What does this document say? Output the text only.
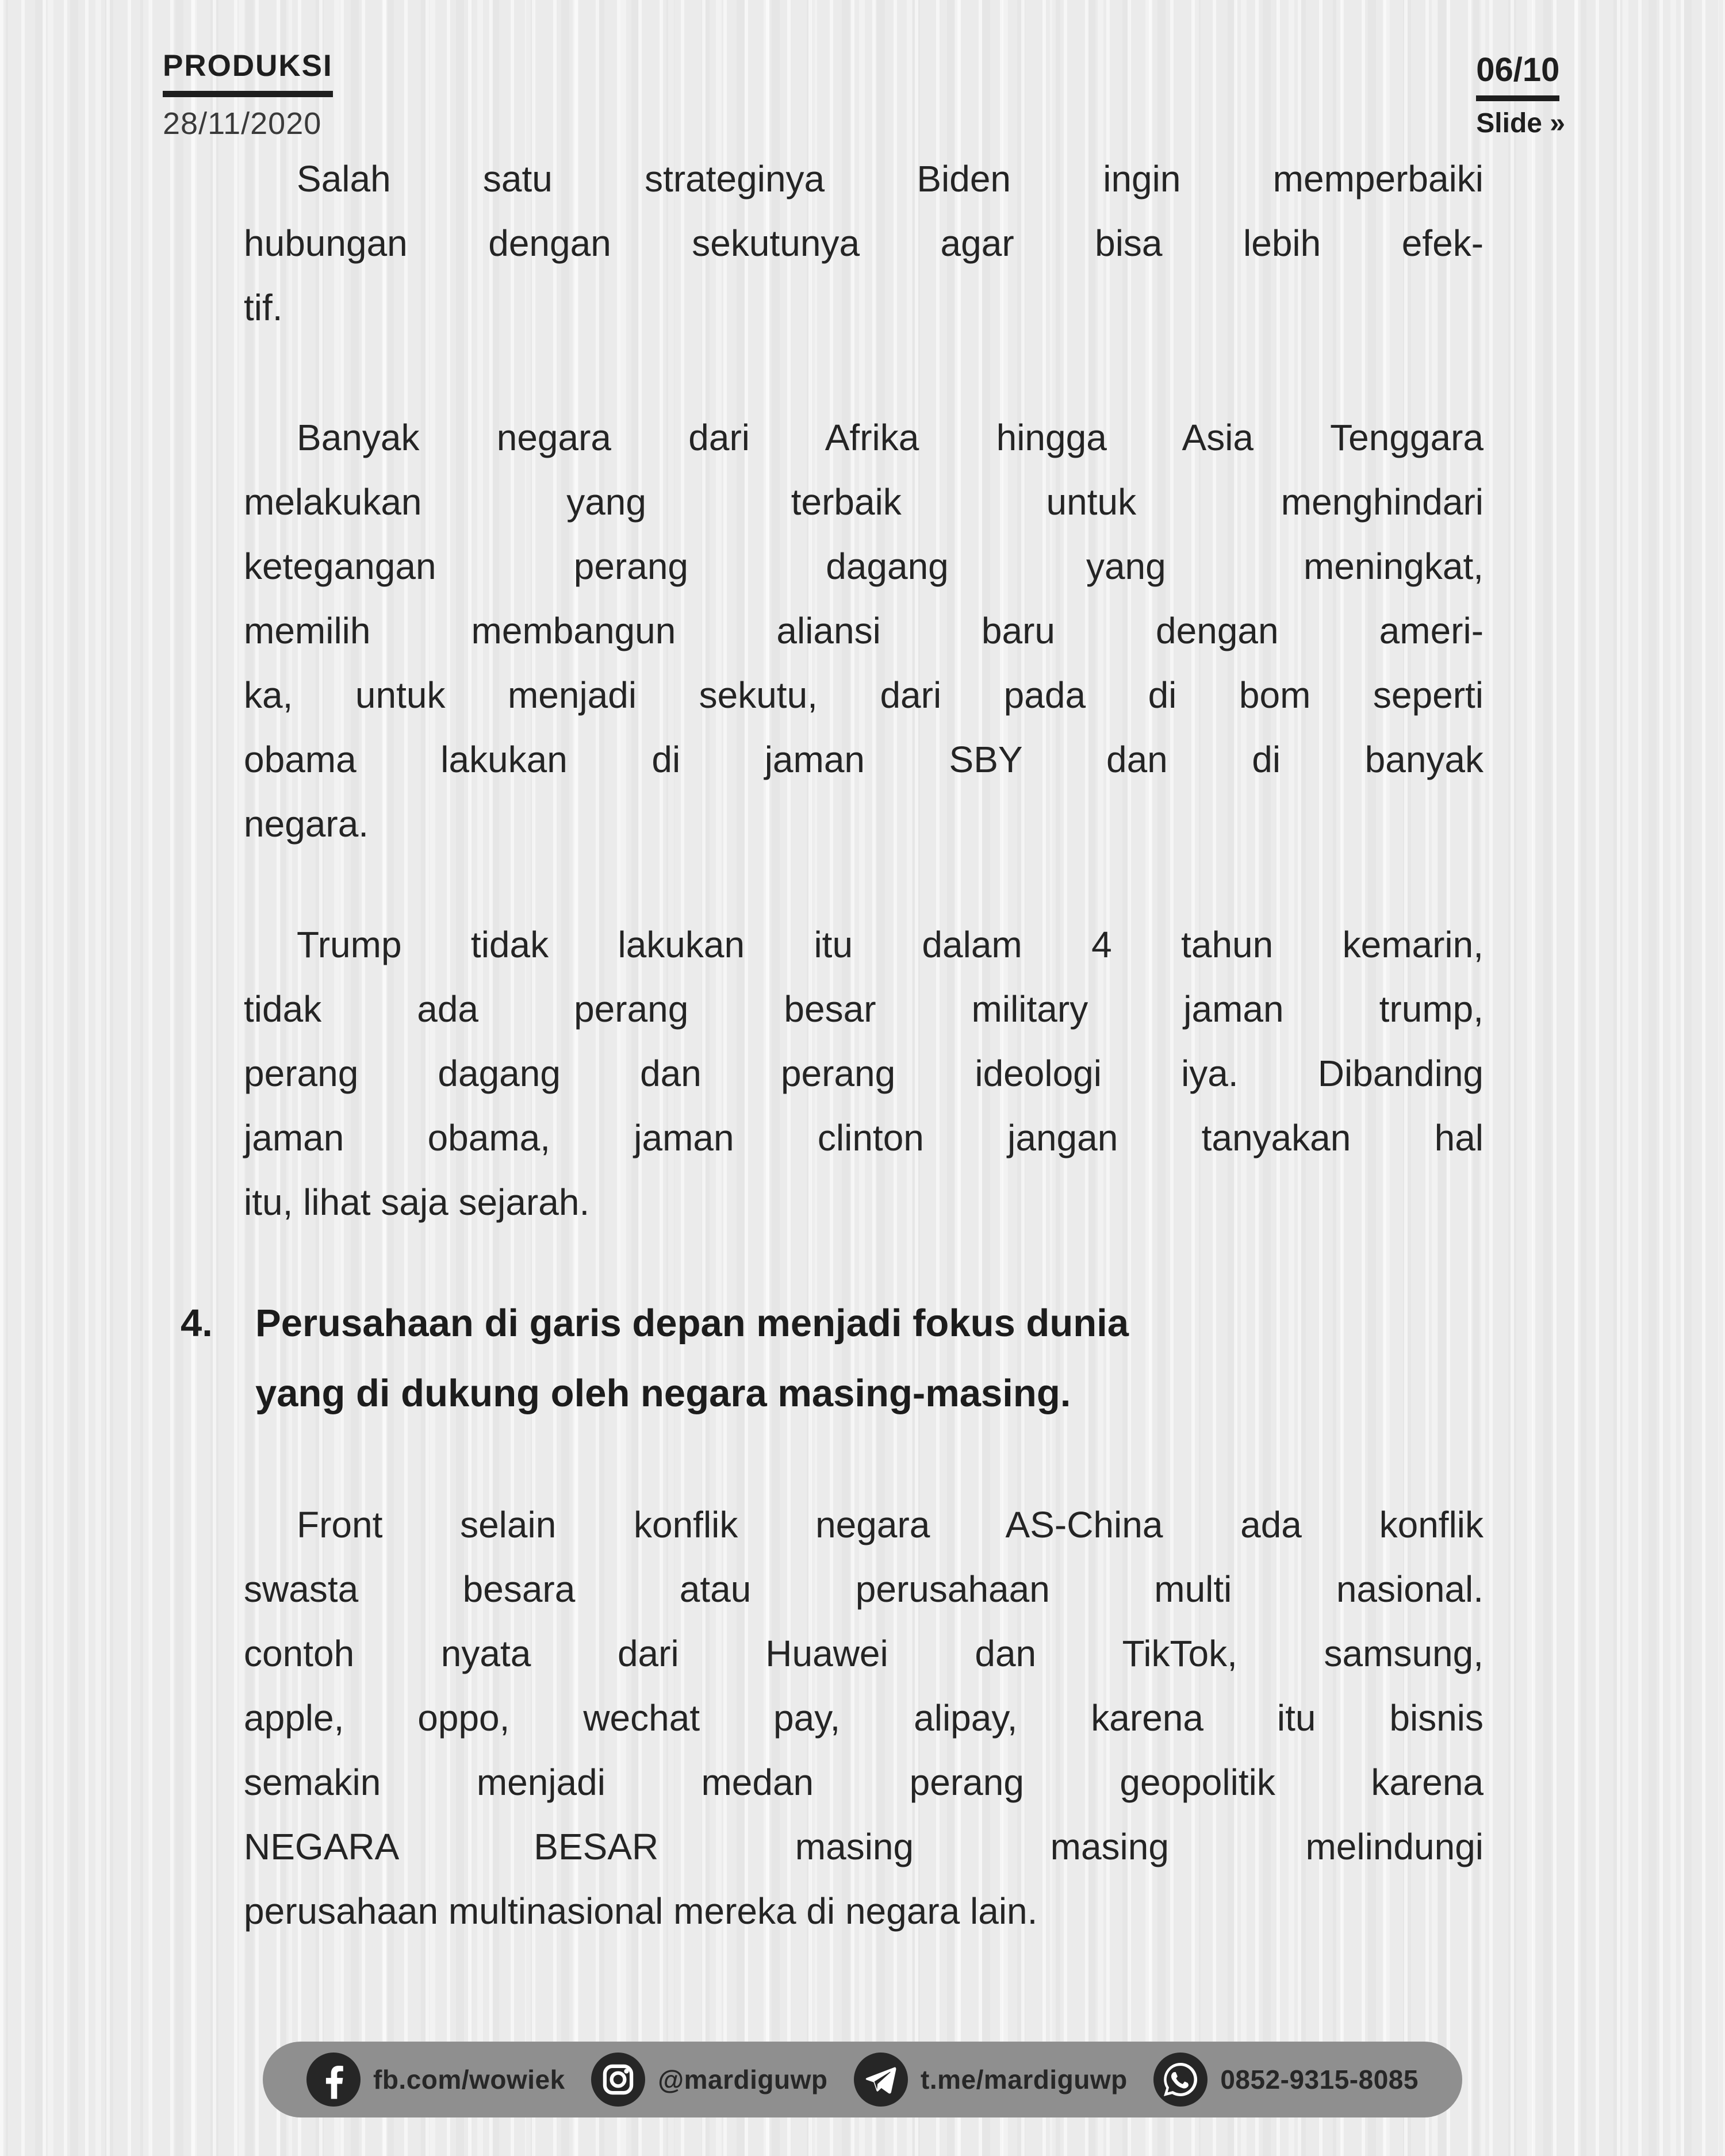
PRODUKSI
28/11/2020
06/10
Slide »
Salah satu strateginya Biden ingin memperbaiki
hubungan dengan sekutunya agar bisa lebih efek-
tif.
Banyak negara dari Afrika hingga Asia Tenggara
melakukan yang terbaik untuk menghindari
ketegangan perang dagang yang meningkat,
memilih membangun aliansi baru dengan ameri-
ka, untuk menjadi sekutu, dari pada di bom seperti
obama lakukan di jaman SBY dan di banyak
negara.
Trump tidak lakukan itu dalam 4 tahun kemarin,
tidak ada perang besar military jaman trump,
perang dagang dan perang ideologi iya. Dibanding
jaman obama, jaman clinton jangan tanyakan hal
itu, lihat saja sejarah.
4.	Perusahaan di garis depan menjadi fokus dunia
yang di dukung oleh negara masing-masing.
Front selain konflik negara AS-China ada konflik
swasta besara atau perusahaan multi nasional.
contoh nyata dari Huawei dan TikTok, samsung,
apple, oppo, wechat pay, alipay, karena itu bisnis
semakin menjadi medan perang geopolitik karena
NEGARA BESAR masing masing melindungi
perusahaan multinasional mereka di negara lain.
fb.com/wowiek	@mardiguwp	t.me/mardiguwp	0852-9315-8085
